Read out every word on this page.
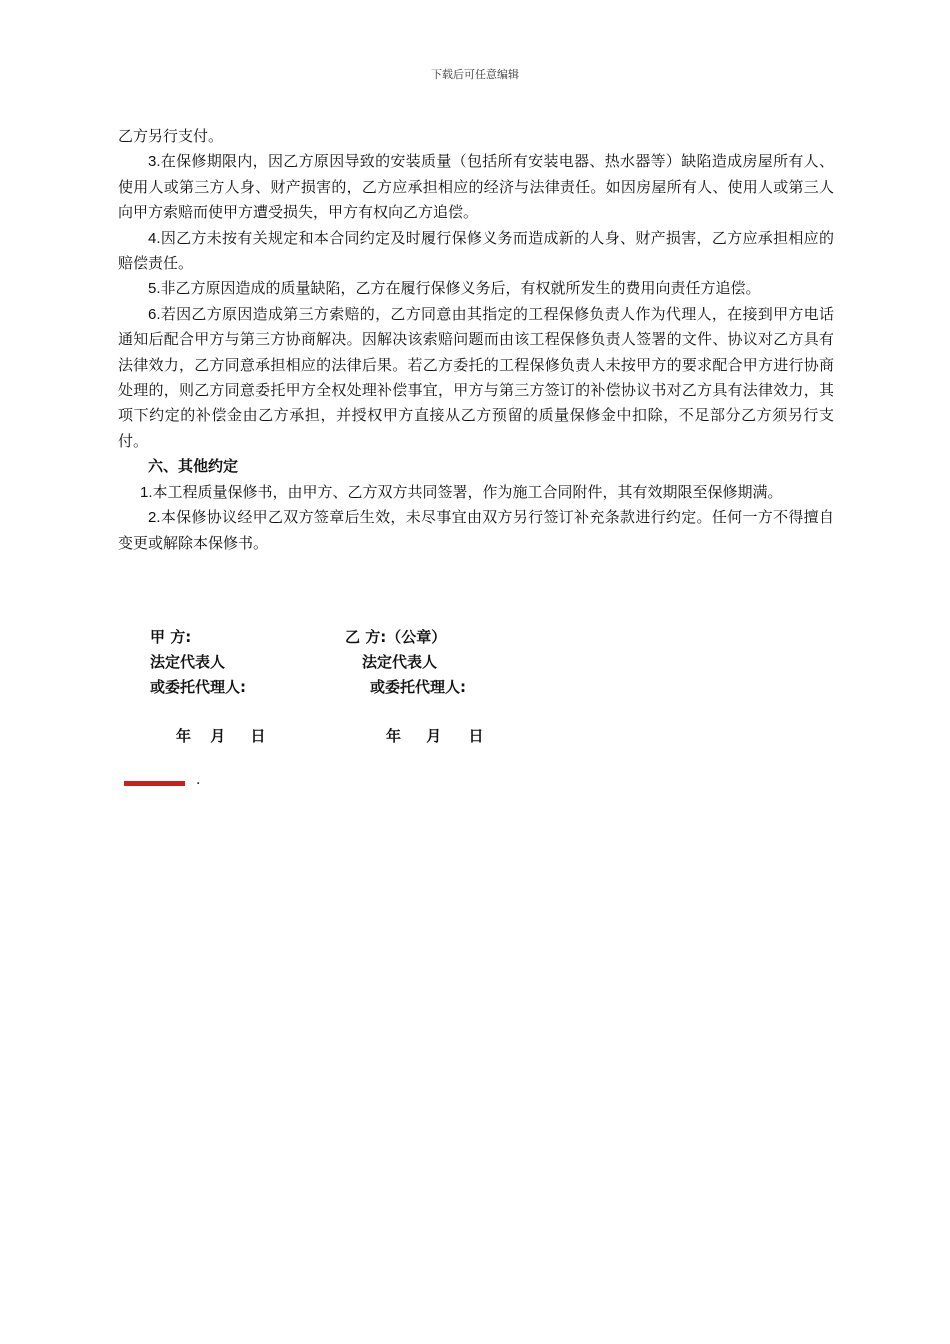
下载后可任意编辑

乙方另行支付。

3.在保修期限内，因乙方原因导致的安装质量（包括所有安装电器、热水器等）缺陷造成房屋所有人、使用人或第三方人身、财产损害的，乙方应承担相应的经济与法律责任。如因房屋所有人、使用人或第三人向甲方索赔而使甲方遭受损失，甲方有权向乙方追偿。

4.因乙方未按有关规定和本合同约定及时履行保修义务而造成新的人身、财产损害，乙方应承担相应的赔偿责任。

5.非乙方原因造成的质量缺陷，乙方在履行保修义务后，有权就所发生的费用向责任方追偿。

6.若因乙方原因造成第三方索赔的，乙方同意由其指定的工程保修负责人作为代理人，在接到甲方电话通知后配合甲方与第三方协商解决。因解决该索赔问题而由该工程保修负责人签署的文件、协议对乙方具有法律效力，乙方同意承担相应的法律后果。若乙方委托的工程保修负责人未按甲方的要求配合甲方进行协商处理的，则乙方同意委托甲方全权处理补偿事宜，甲方与第三方签订的补偿协议书对乙方具有法律效力，其项下约定的补偿金由乙方承担，并授权甲方直接从乙方预留的质量保修金中扣除，不足部分乙方须另行支付。

六、其他约定

1.本工程质量保修书，由甲方、乙方双方共同签署，作为施工合同附件，其有效期限至保修期满。

2.本保修协议经甲乙双方签章后生效，未尽事宜由双方另行签订补充条款进行约定。任何一方不得擅自变更或解除本保修书。

甲 方:	乙 方:（公章）
法定代表人	法定代表人
或委托代理人:	或委托代理人:
年 月 日	年 月 日
.
